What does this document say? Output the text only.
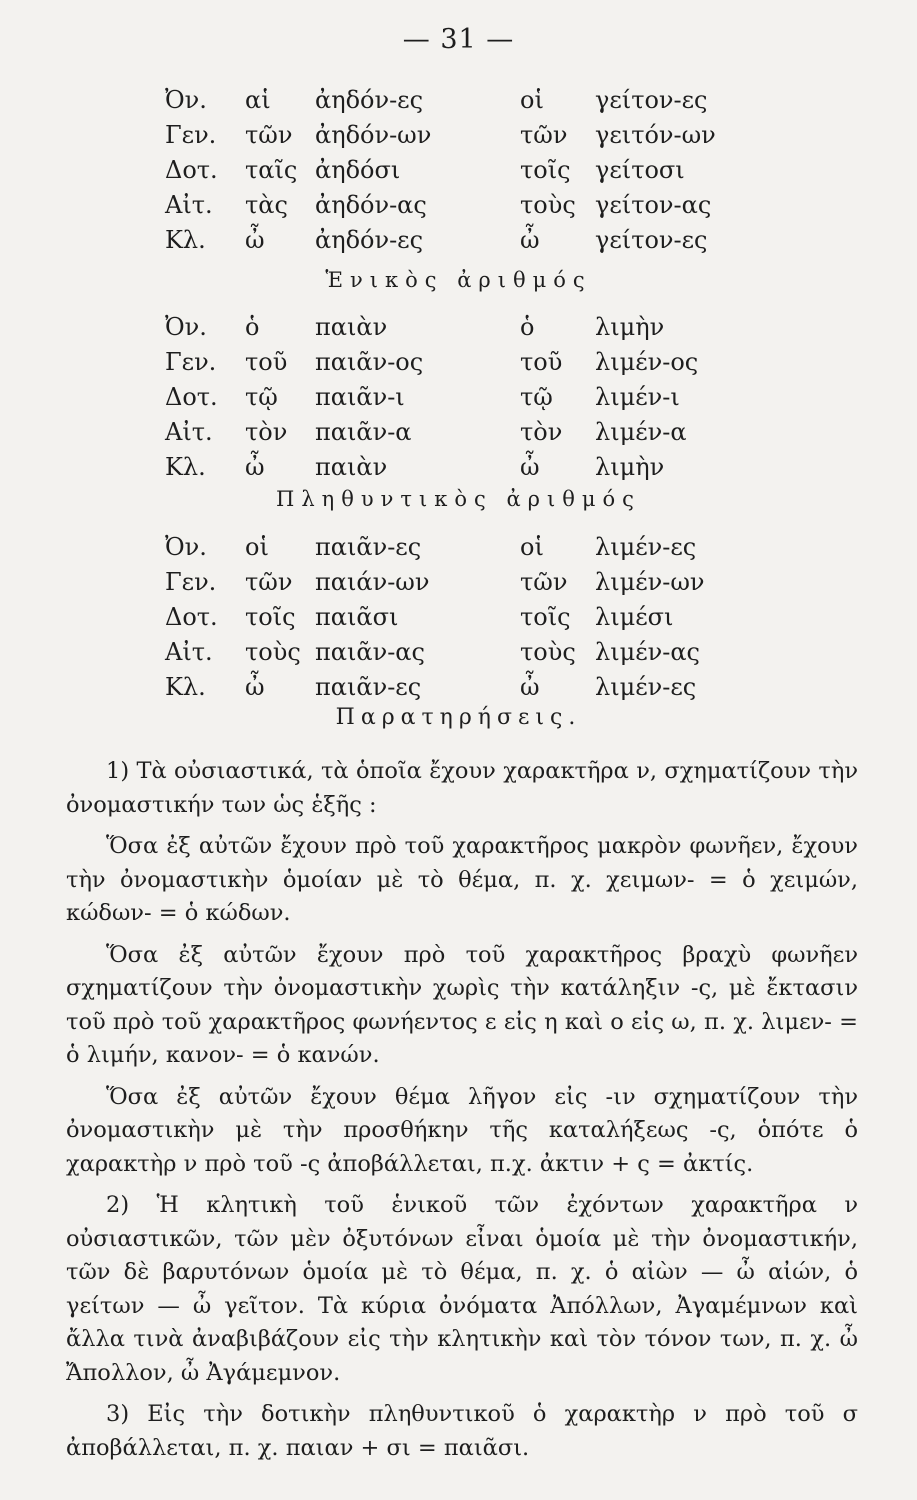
— 31 —
Ὀν. αἱ ἀηδόν-ες	οἱ γείτον-ες
Γεν. τῶν ἀηδόν-ων	τῶν γειτόν-ων
Δοτ. ταῖς ἀηδόσι	τοῖς γείτοσι
Αἰτ. τὰς ἀηδόν-ας	τοὺς γείτον-ας
Κλ. ὦ ἀηδόν-ες	ὦ γείτον-ες
Ἑνικὸς ἀριθμός
Ὀν. ὁ παιὰν	ὁ	λιμὴν
Γεν. τοῦ παιᾶν-ος	τοῦ λιμέν-ος
Δοτ. τῷ παιᾶν-ι	τῷ λιμέν-ι
Αἰτ. τὸν παιᾶν-α	τὸν λιμέν-α
Κλ. ὦ παιὰν	ὦ λιμὴν
Πληθυντικὸς ἀριθμός
Ὀν. οἱ παιᾶν-ες	οἱ λιμέν-ες
Γεν. τῶν παιάν-ων	τῶν λιμέν-ων
Δοτ. τοῖς παιᾶσι	τοῖς λιμέσι
Αἰτ. τοὺς παιᾶν-ας	τοὺς λιμέν-ας
Κλ. ὦ παιᾶν-ες	ὦ λιμέν-ες
Παρατηρήσεις.

1) Τὰ οὐσιαστικά, τὰ ὁποῖα ἔχουν χαρακτῆρα ν, σχηματίζουν τὴν ὀνομαστικήν των ὡς ἑξῆς :

Ὅσα ἐξ αὐτῶν ἔχουν πρὸ τοῦ χαρακτῆρος μακρὸν φωνῆεν, ἔχουν τὴν ὀνομαστικὴν ὁμοίαν μὲ τὸ θέμα, π. χ. χειμων- = ὁ χειμών, κώδων- = ὁ κώδων.

Ὅσα ἐξ αὐτῶν ἔχουν πρὸ τοῦ χαρακτῆρος βραχὺ φωνῆεν σχηματίζουν τὴν ὀνομαστικὴν χωρὶς τὴν κατάληξιν -ς, μὲ ἔκτασιν τοῦ πρὸ τοῦ χαρακτῆρος φωνήεντος ε εἰς η καὶ ο εἰς ω, π. χ. λιμεν- = ὁ λιμήν, κανον- = ὁ κανών.

Ὅσα ἐξ αὐτῶν ἔχουν θέμα λῆγον εἰς -ιν σχηματίζουν τὴν ὀνομαστικὴν μὲ τὴν προσθήκην τῆς καταλήξεως -ς, ὁπότε ὁ χαρακτὴρ ν πρὸ τοῦ -ς ἀποβάλλεται, π.χ. ἀκτιν + ς = ἀκτίς.

2) Ἡ κλητικὴ τοῦ ἑνικοῦ τῶν ἐχόντων χαρακτῆρα ν οὐσιαστικῶν, τῶν μὲν ὀξυτόνων εἶναι ὁμοία μὲ τὴν ὀνομαστικήν, τῶν δὲ βαρυτόνων ὁμοία μὲ τὸ θέμα, π. χ. ὁ αἰὼν — ὦ αἰών, ὁ γείτων — ὦ γεῖτον. Τὰ κύρια ὀνόματα Ἀπόλλων, Ἀγαμέμνων καὶ ἄλλα τινὰ ἀναβιβάζουν εἰς τὴν κλητικὴν καὶ τὸν τόνον των, π. χ. ὦ Ἄπολλον, ὦ Ἀγάμεμνον.

3) Εἰς τὴν δοτικὴν πληθυντικοῦ ὁ χαρακτὴρ ν πρὸ τοῦ σ ἀποβάλλεται, π. χ. παιαν + σι = παιᾶσι.
